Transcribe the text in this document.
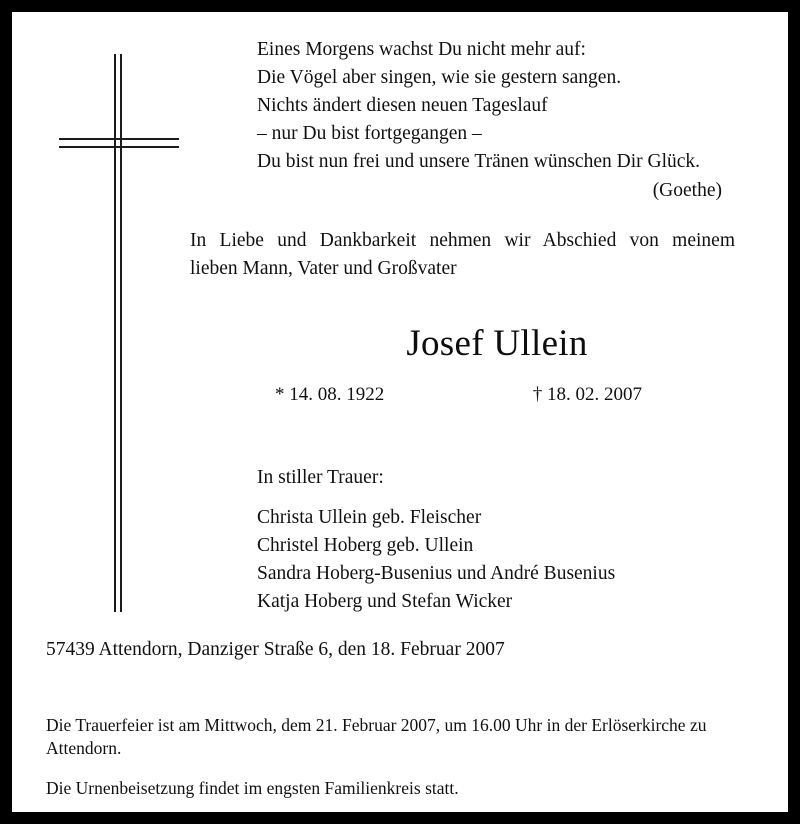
Eines Morgens wachst Du nicht mehr auf:
Die Vögel aber singen, wie sie gestern sangen.
Nichts ändert diesen neuen Tageslauf
– nur Du bist fortgegangen –
Du bist nun frei und unsere Tränen wünschen Dir Glück.
(Goethe)
In Liebe und Dankbarkeit nehmen wir Abschied von meinem
lieben Mann, Vater und Großvater
Josef Ullein
* 14. 08. 1922	† 18. 02. 2007
In stiller Trauer:
Christa Ullein geb. Fleischer
Christel Hoberg geb. Ullein
Sandra Hoberg-Busenius und André Busenius
Katja Hoberg und Stefan Wicker
57439 Attendorn, Danziger Straße 6, den 18. Februar 2007
Die Trauerfeier ist am Mittwoch, dem 21. Februar 2007, um 16.00 Uhr in der Erlöserkirche zu Attendorn.
Die Urnenbeisetzung findet im engsten Familienkreis statt.
